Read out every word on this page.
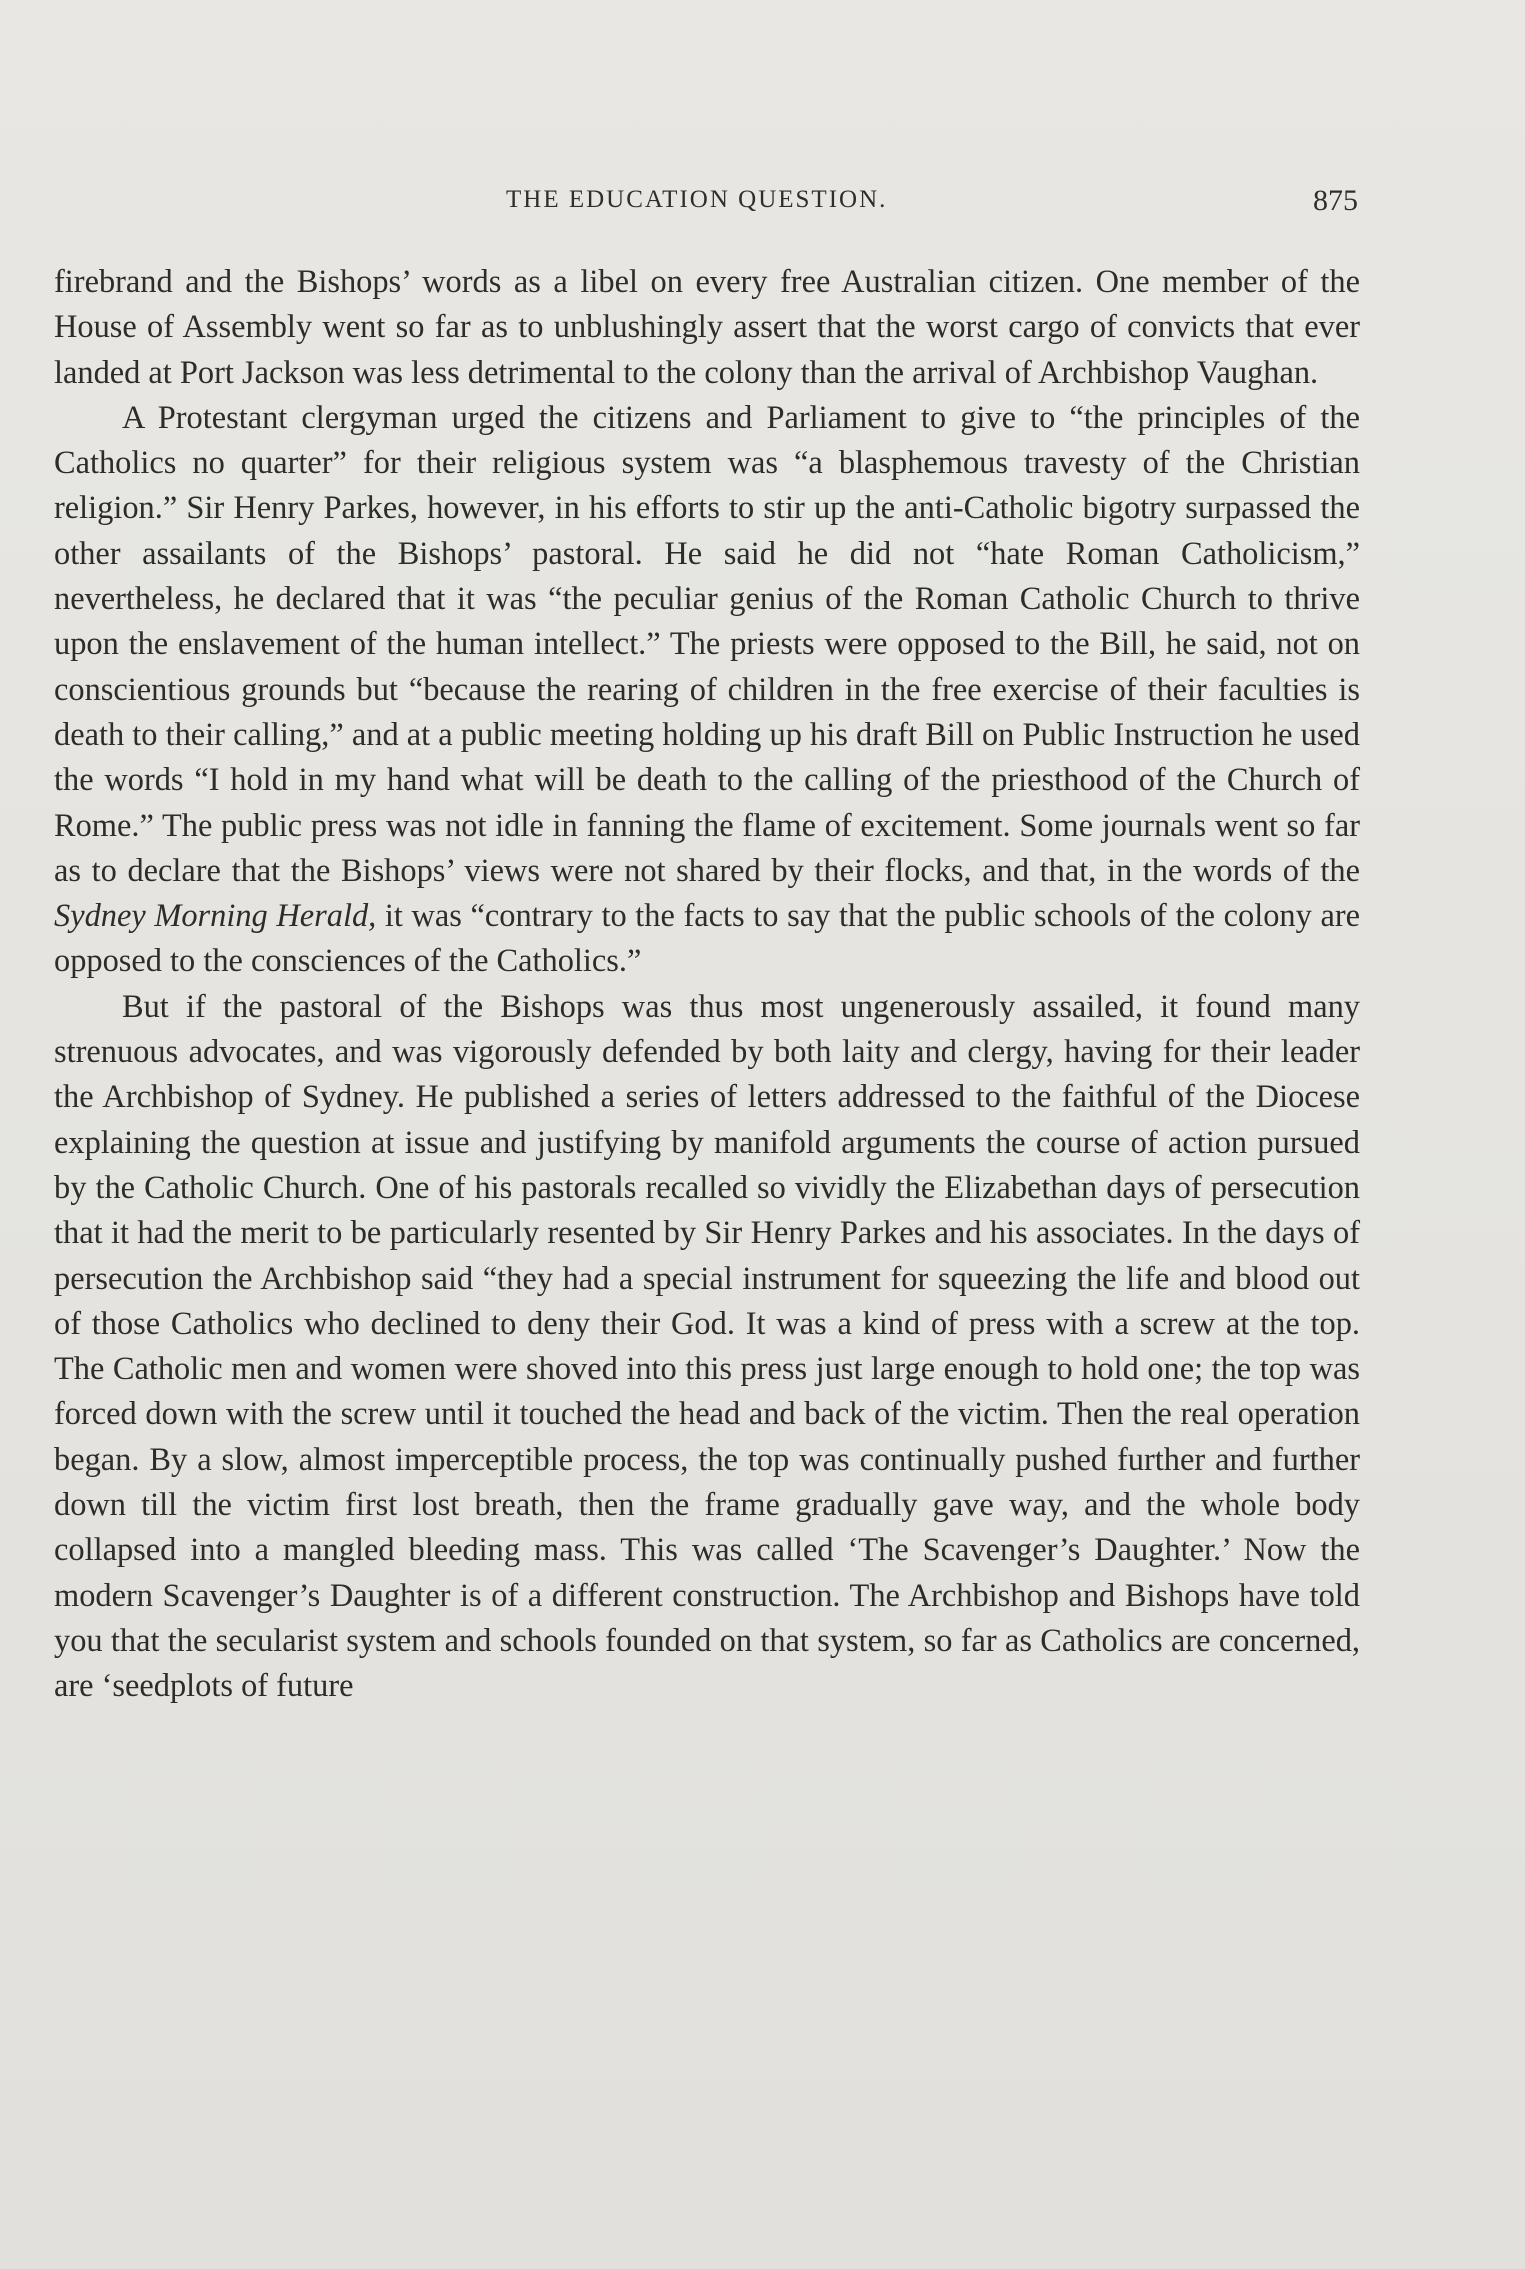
THE EDUCATION QUESTION.	875

firebrand and the Bishops’ words as a libel on every free Australian citizen. One member of the House of Assembly went so far as to unblushingly assert that the worst cargo of convicts that ever landed at Port Jackson was less detrimental to the colony than the arrival of Archbishop Vaughan.

A Protestant clergyman urged the citizens and Parliament to give to “the principles of the Catholics no quarter” for their religious system was “a blasphemous travesty of the Christian religion.” Sir Henry Parkes, however, in his efforts to stir up the anti-Catholic bigotry surpassed the other assailants of the Bishops’ pastoral. He said he did not “hate Roman Catholicism,” nevertheless, he declared that it was “the peculiar genius of the Roman Catholic Church to thrive upon the enslavement of the human intellect.” The priests were opposed to the Bill, he said, not on conscientious grounds but “because the rearing of children in the free exercise of their faculties is death to their calling,” and at a public meeting holding up his draft Bill on Public Instruction he used the words “I hold in my hand what will be death to the calling of the priesthood of the Church of Rome.” The public press was not idle in fanning the flame of excitement. Some journals went so far as to declare that the Bishops’ views were not shared by their flocks, and that, in the words of the Sydney Morning Herald, it was “contrary to the facts to say that the public schools of the colony are opposed to the consciences of the Catholics.”

But if the pastoral of the Bishops was thus most ungenerously assailed, it found many strenuous advocates, and was vigorously defended by both laity and clergy, having for their leader the Archbishop of Sydney. He published a series of letters addressed to the faithful of the Diocese explaining the question at issue and justifying by manifold arguments the course of action pursued by the Catholic Church. One of his pastorals recalled so vividly the Elizabethan days of persecution that it had the merit to be particularly resented by Sir Henry Parkes and his associates. In the days of persecution the Archbishop said “they had a special instrument for squeezing the life and blood out of those Catholics who declined to deny their God. It was a kind of press with a screw at the top. The Catholic men and women were shoved into this press just large enough to hold one; the top was forced down with the screw until it touched the head and back of the victim. Then the real operation began. By a slow, almost imperceptible process, the top was continually pushed further and further down till the victim first lost breath, then the frame gradually gave way, and the whole body collapsed into a mangled bleeding mass. This was called ‘The Scavenger’s Daughter.’ Now the modern Scavenger’s Daughter is of a different construction. The Archbishop and Bishops have told you that the secularist system and schools founded on that system, so far as Catholics are concerned, are ‘seedplots of future
